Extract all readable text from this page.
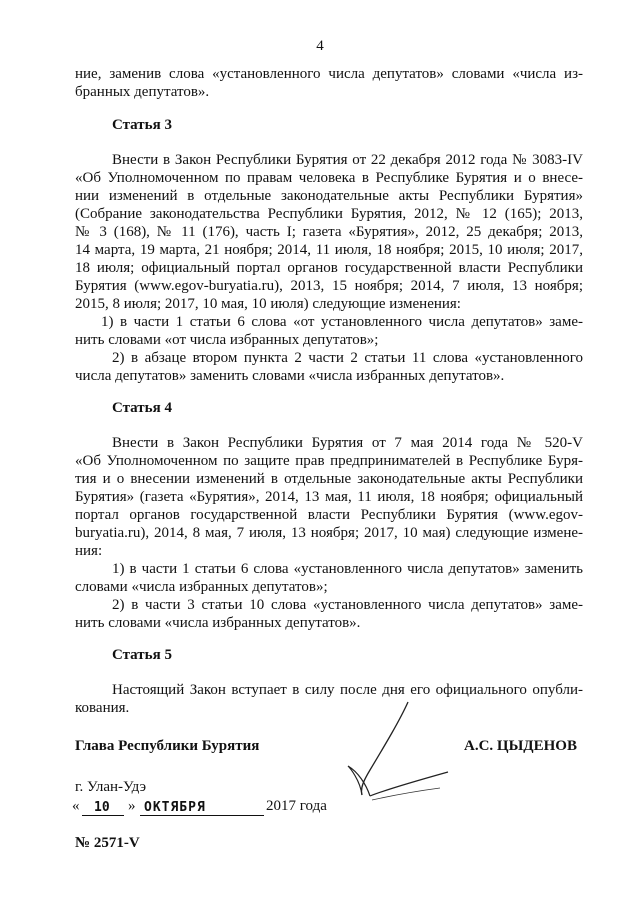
4
ние, заменив слова «установленного числа депутатов» словами «числа из-
бранных депутатов».
Статья 3
Внести в Закон Республики Бурятия от 22 декабря 2012 года № 3083-IV
«Об Уполномоченном по правам человека в Республике Бурятия и о внесе-
нии изменений в отдельные законодательные акты Республики Бурятия»
(Собрание законодательства Республики Бурятия, 2012, № 12 (165); 2013,
№ 3 (168), № 11 (176), часть I; газета «Бурятия», 2012, 25 декабря; 2013,
14 марта, 19 марта, 21 ноября; 2014, 11 июля, 18 ноября; 2015, 10 июля; 2017,
18 июля; официальный портал органов государственной власти Республики
Бурятия (www.egov-buryatia.ru), 2013, 15 ноября; 2014, 7 июля, 13 ноября;
2015, 8 июля; 2017, 10 мая, 10 июля) следующие изменения:
1) в части 1 статьи 6 слова «от установленного числа депутатов» заме-
нить словами «от числа избранных депутатов»;
2) в абзаце втором пункта 2 части 2 статьи 11 слова «установленного
числа депутатов» заменить словами «числа избранных депутатов».
Статья 4
Внести в Закон Республики Бурятия от 7 мая 2014 года № 520-V
«Об Уполномоченном по защите прав предпринимателей в Республике Буря-
тия и о внесении изменений в отдельные законодательные акты Республики
Бурятия» (газета «Бурятия», 2014, 13 мая, 11 июля, 18 ноября; официальный
портал органов государственной власти Республики Бурятия (www.egov-
buryatia.ru), 2014, 8 мая, 7 июля, 13 ноября; 2017, 10 мая) следующие измене-
ния:
1) в части 1 статьи 6 слова «установленного числа депутатов» заменить
словами «числа избранных депутатов»;
2) в части 3 статьи 10 слова «установленного числа депутатов» заме-
нить словами «числа избранных депутатов».
Статья 5
Настоящий Закон вступает в силу после дня его официального опубли-
кования.
Глава Республики Бурятия	А.С. ЦЫДЕНОВ
г. Улан-Удэ
« 10 » ОКТЯБРЯ	2017 года
№ 2571-V
